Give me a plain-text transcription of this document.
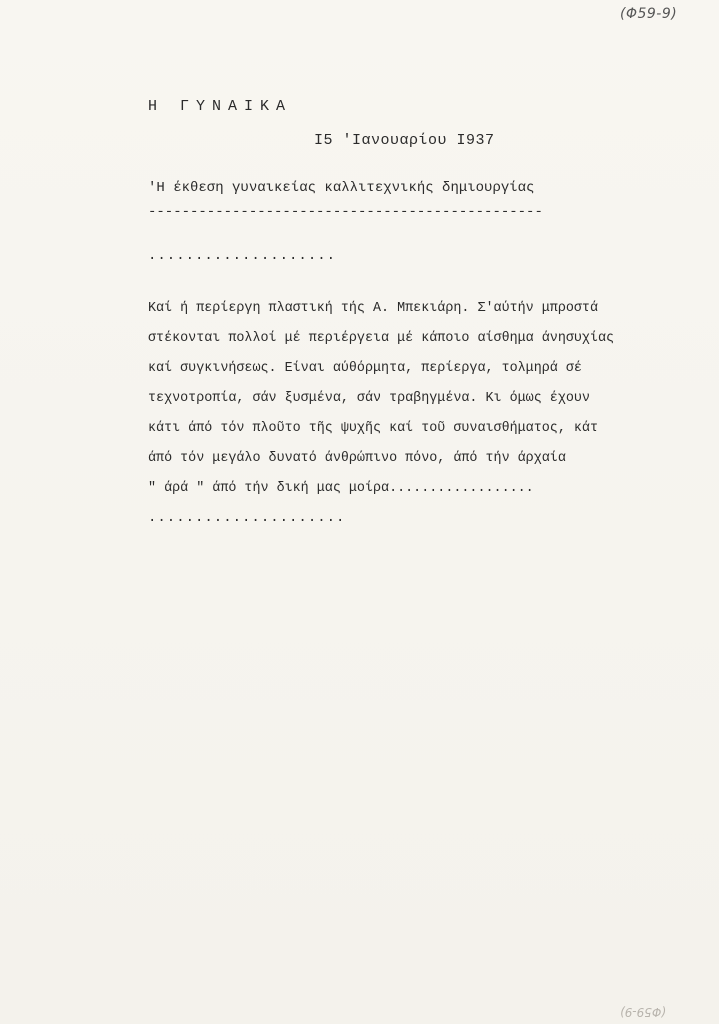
(Φ59-9)
Η ΓΥΝΑΙΚΑ
I5 'Ιανουαρίου I937
'Η έκθεση γυναικείας καλλιτεχνικής δημιουργίας
-----------------------------------------------
....................
Καί ή περίεργη πλαστική τής Α. Μπεκιάρη. Σ'αύτήν μπροστά
στέκονται πολλοί μέ περιέργεια μέ κάποιο αίσθημα άνησυχίας
καί συγκινήσεως. Είναι αύθόρμητα, περίεργα, τολμηρά σέ
τεχνοτροπία, σάν ξυσμένα, σάν τραβηγμένα. Κι όμως έχουν
κάτι άπό τόν πλοῦτο τῆς ψυχῆς καί τοῦ συναισθήματος, κάτ
άπό τόν μεγάλο δυνατό άνθρώπινο πόνο, άπό τήν άρχαία
" άρά " άπό τήν δική μας μοίρα..................
.....................
(Φ59-9)
